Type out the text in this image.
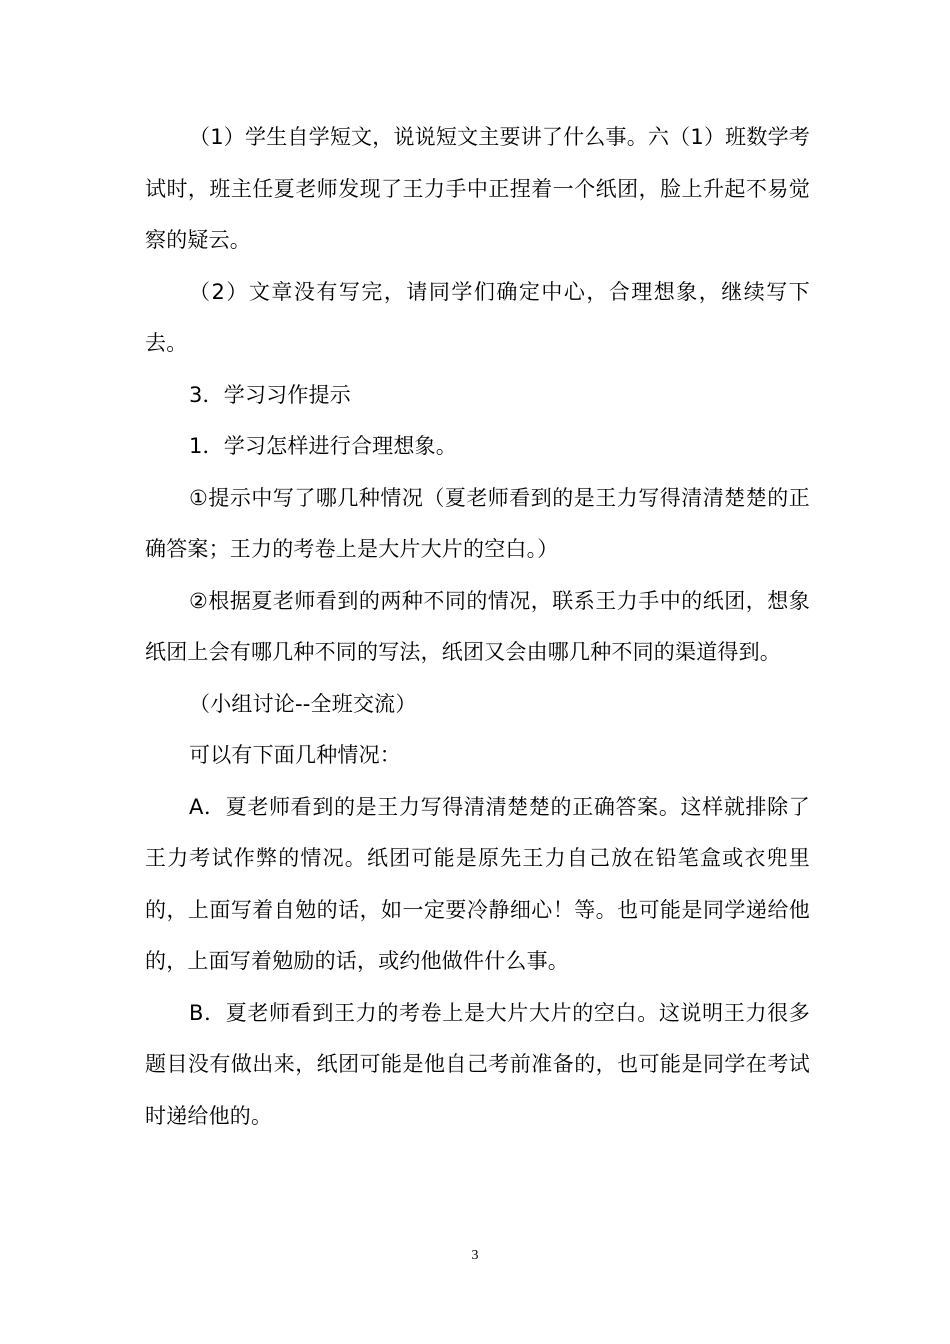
（1）学生自学短文，说说短文主要讲了什么事。六（1）班数学考试时，班主任夏老师发现了王力手中正捏着一个纸团，脸上升起不易觉察的疑云。

（2）文章没有写完，请同学们确定中心，合理想象，继续写下去。

3．学习习作提示

1．学习怎样进行合理想象。

①提示中写了哪几种情况（夏老师看到的是王力写得清清楚楚的正确答案；王力的考卷上是大片大片的空白。）

②根据夏老师看到的两种不同的情况，联系王力手中的纸团，想象纸团上会有哪几种不同的写法，纸团又会由哪几种不同的渠道得到。

（小组讨论--全班交流）

可以有下面几种情况：

A．夏老师看到的是王力写得清清楚楚的正确答案。这样就排除了王力考试作弊的情况。纸团可能是原先王力自己放在铅笔盒或衣兜里的，上面写着自勉的话，如一定要冷静细心！等。也可能是同学递给他的，上面写着勉励的话，或约他做件什么事。

B．夏老师看到王力的考卷上是大片大片的空白。这说明王力很多题目没有做出来，纸团可能是他自己考前准备的，也可能是同学在考试时递给他的。

3
